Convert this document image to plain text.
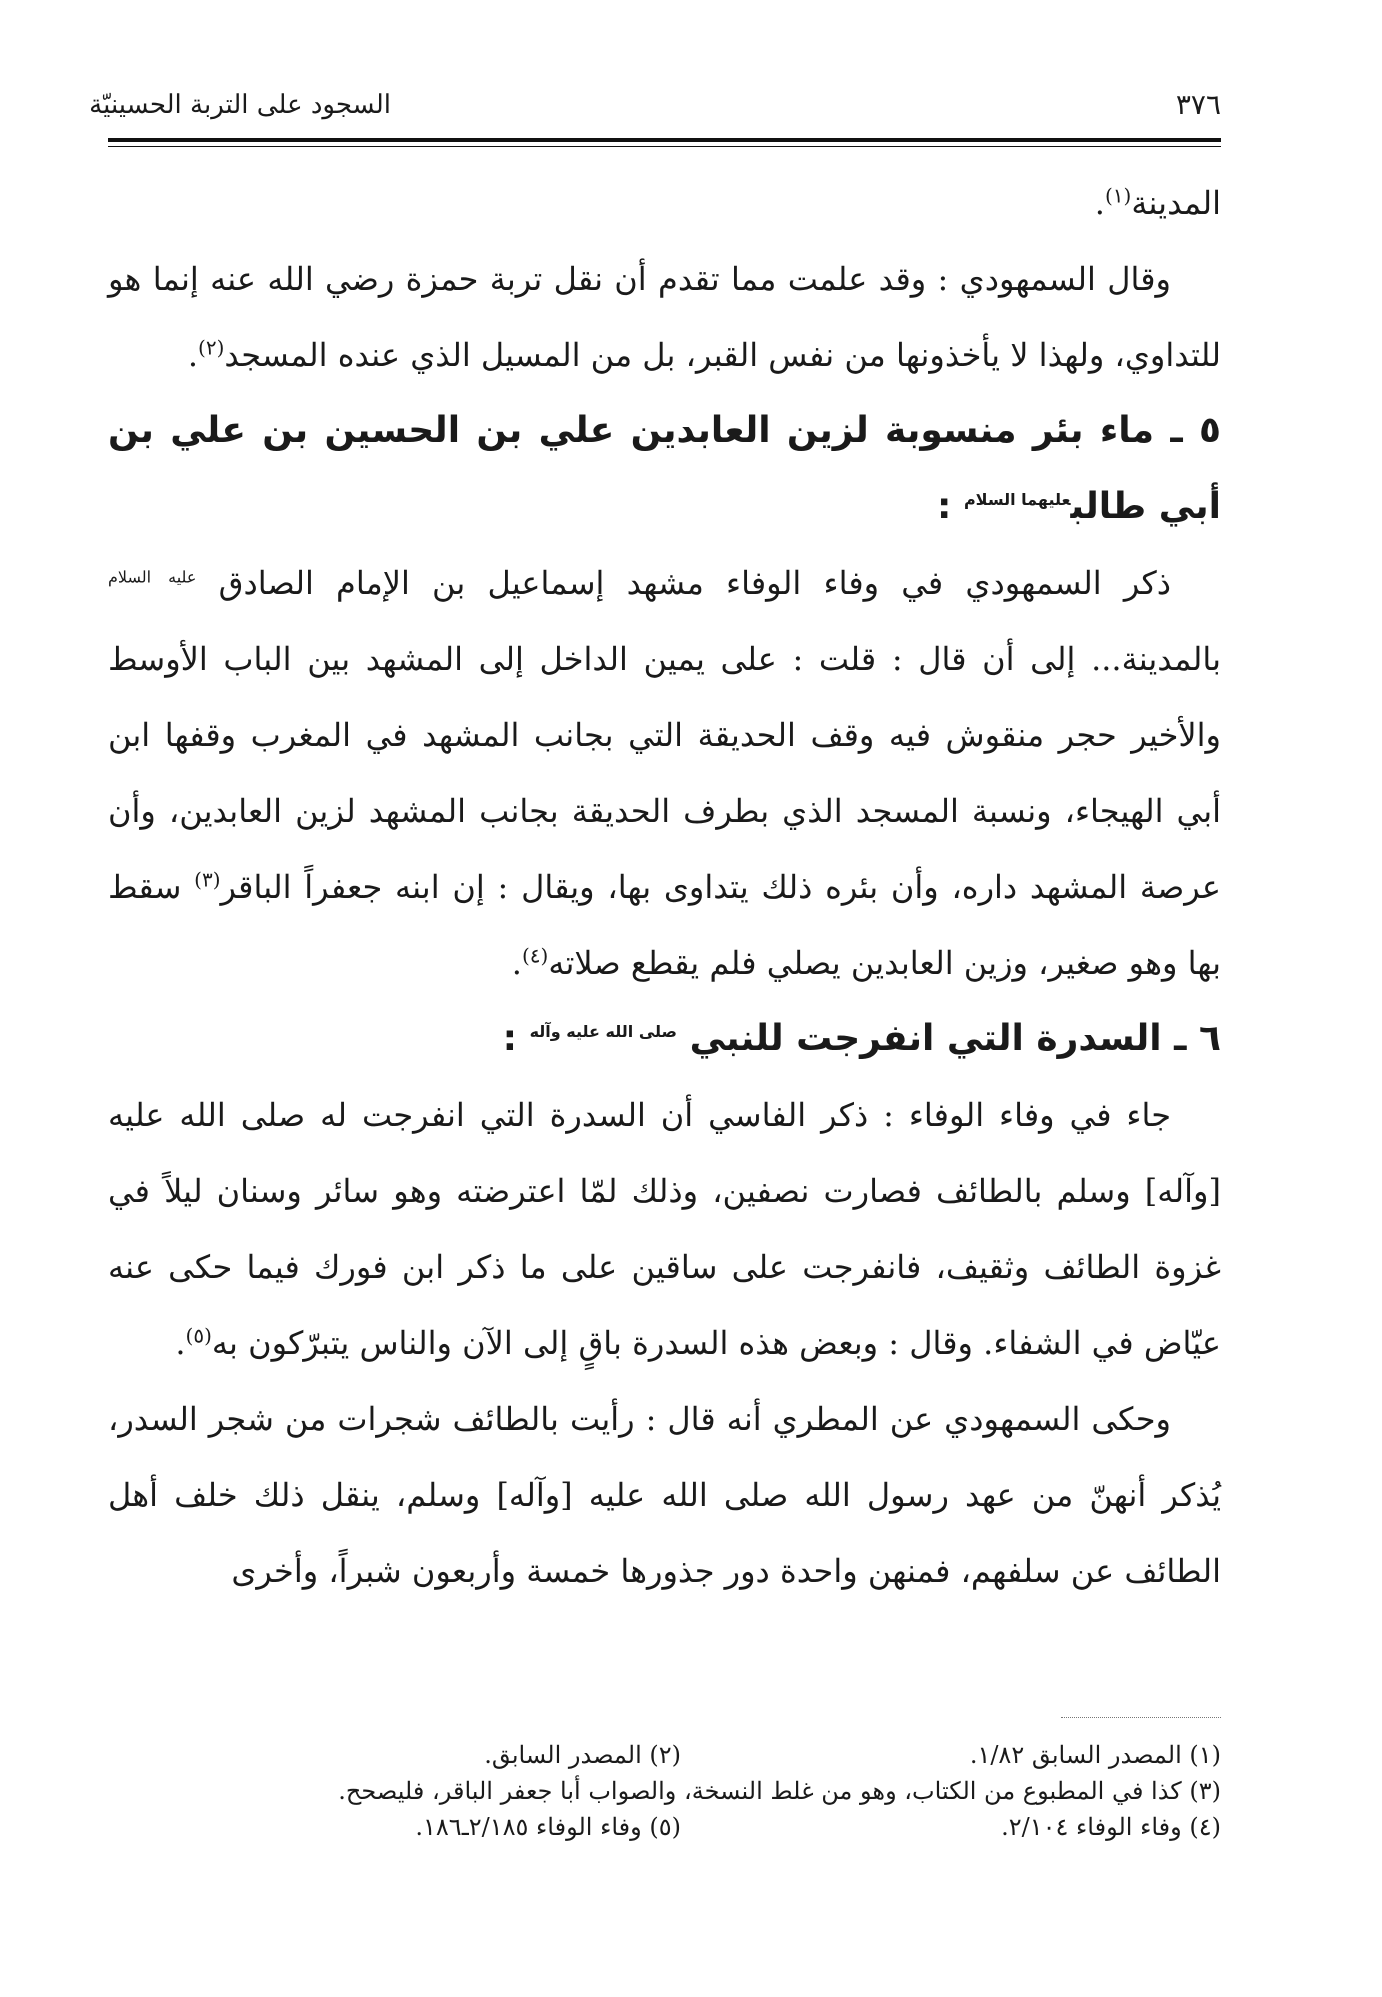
٣٧٦
السجود على التربة الحسينيّة

المدينة$^{(١)}$.

وقال السمهودي : وقد علمت مما تقدم أن نقل تربة حمزة رضي الله عنه إنما هو للتداوي، ولهذا لا يأخذونها من نفس القبر، بل من المسيل الذي عنده المسجد$^{(٢)}$.

٥ ـ ماء بئر منسوبة لزين العابدين علي بن الحسين بن علي بن أبي طالب$^{عليهما السلام}$ :

ذكر السمهودي في وفاء الوفاء مشهد إسماعيل بن الإمام الصادق $^{عليه السلام}$ بالمدينة... إلى أن قال : قلت : على يمين الداخل إلى المشهد بين الباب الأوسط والأخير حجر منقوش فيه وقف الحديقة التي بجانب المشهد في المغرب وقفها ابن أبي الهيجاء، ونسبة المسجد الذي بطرف الحديقة بجانب المشهد لزين العابدين، وأن عرصة المشهد داره، وأن بئره ذلك يتداوى بها، ويقال : إن ابنه جعفراً الباقر$^{(٣)}$ سقط بها وهو صغير، وزين العابدين يصلي فلم يقطع صلاته$^{(٤)}$.

٦ ـ السدرة التي انفرجت للنبي $^{صلى الله عليه وآله}$ :

جاء في وفاء الوفاء : ذكر الفاسي أن السدرة التي انفرجت له صلى الله عليه [وآله] وسلم بالطائف فصارت نصفين، وذلك لمّا اعترضته وهو سائر وسنان ليلاً في غزوة الطائف وثقيف، فانفرجت على ساقين على ما ذكر ابن فورك فيما حكى عنه عيّاض في الشفاء. وقال : وبعض هذه السدرة باقٍ إلى الآن والناس يتبرّكون به$^{(٥)}$.

وحكى السمهودي عن المطري أنه قال : رأيت بالطائف شجرات من شجر السدر، يُذكر أنهنّ من عهد رسول الله صلى الله عليه [وآله] وسلم، ينقل ذلك خلف أهل الطائف عن سلفهم، فمنهن واحدة دور جذورها خمسة وأربعون شبراً، وأخرى

(١) المصدر السابق ١/٨٢.
(٢) المصدر السابق.
(٣) كذا في المطبوع من الكتاب، وهو من غلط النسخة، والصواب أبا جعفر الباقر، فليصحح.
(٤) وفاء الوفاء ٢/١٠٤.
(٥) وفاء الوفاء ٢/١٨٥ـ١٨٦.
